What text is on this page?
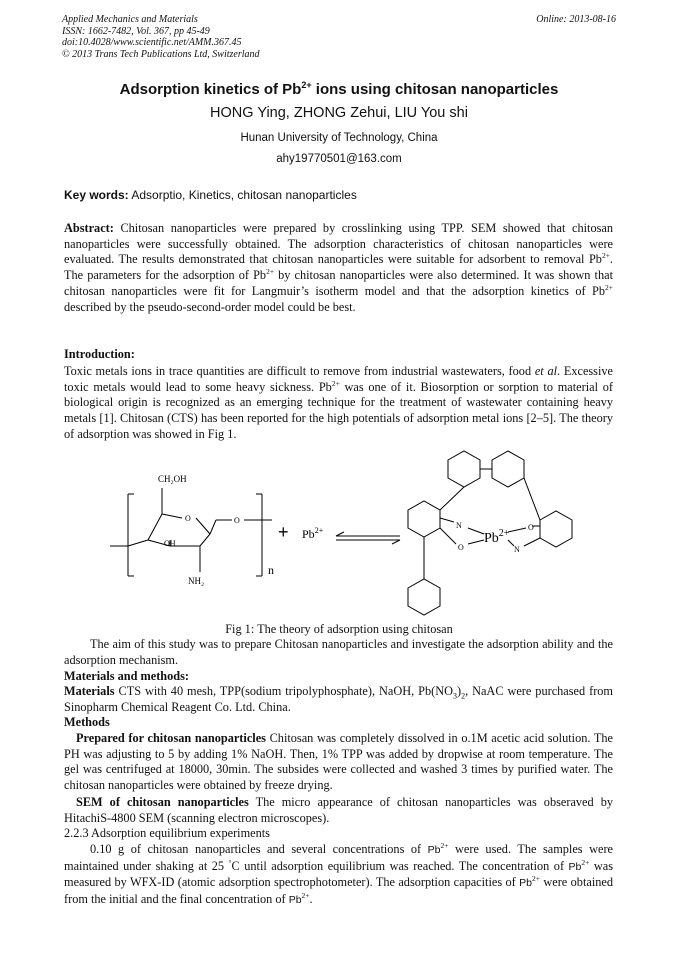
Applied Mechanics and Materials
ISSN: 1662-7482, Vol. 367, pp 45-49
doi:10.4028/www.scientific.net/AMM.367.45
© 2013 Trans Tech Publications Ltd, Switzerland
Online: 2013-08-16
Adsorption kinetics of $Pb^{2+}$ ions using chitosan nanoparticles
HONG Ying, ZHONG Zehui, LIU You shi
Hunan University of Technology, China
ahy19770501@163.com
Key words: Adsorptio, Kinetics, chitosan nanoparticles
Abstract: Chitosan nanoparticles were prepared by crosslinking using TPP. SEM showed that chitosan nanoparticles were successfully obtained. The adsorption characteristics of chitosan nanoparticles were evaluated. The results demonstrated that chitosan nanoparticles were suitable for adsorbent to removal $Pb^{2+}$. The parameters for the adsorption of $Pb^{2+}$ by chitosan nanoparticles were also determined. It was shown that chitosan nanoparticles were fit for Langmuir’s isotherm model and that the adsorption kinetics of $Pb^{2+}$ described by the pseudo-second-order model could be best.
Introduction:
Toxic metals ions in trace quantities are difficult to remove from industrial wastewaters, food et al. Excessive toxic metals would lead to some heavy sickness. $Pb^{2+}$ was one of it. Biosorption or sorption to material of biological origin is recognized as an emerging technique for the treatment of wastewater containing heavy metals [1]. Chitosan (CTS) has been reported for the high potentials of adsorption metal ions [2–5]. The theory of adsorption was showed in Fig 1.
CH₂OH
O	O
OH
NH₂
n
+ $Pb^{2+}$
N
O
$Pb^{2+}$
O
N
Fig 1: The theory of adsorption using chitosan
The aim of this study was to prepare Chitosan nanoparticles and investigate the adsorption ability and the adsorption mechanism.
Materials and methods:
Materials CTS with 40 mesh, TPP(sodium tripolyphosphate), NaOH, $Pb(NO_3)_2$, NaAC were purchased from Sinopharm Chemical Reagent Co. Ltd. China.
Methods
Prepared for chitosan nanoparticles Chitosan was completely dissolved in o.1M acetic acid solution. The PH was adjusting to 5 by adding 1% NaOH. Then, 1% TPP was added by dropwise at room temperature. The gel was centrifuged at 18000, 30min. The subsides were collected and washed 3 times by purified water. The chitosan nanoparticles were obtained by freeze drying.
SEM of chitosan nanoparticles The micro appearance of chitosan nanoparticles was obseraved by HitachiS-4800 SEM (scanning electron microscopes).
2.2.3 Adsorption equilibrium experiments
0.10 g of chitosan nanoparticles and several concentrations of $Pb^{2+}$ were used. The samples were maintained under shaking at 25 °C until adsorption equilibrium was reached. The concentration of $Pb^{2+}$ was measured by WFX-ID (atomic adsorption spectrophotometer). The adsorption capacities of $Pb^{2+}$ were obtained from the initial and the final concentration of $Pb^{2+}$.
